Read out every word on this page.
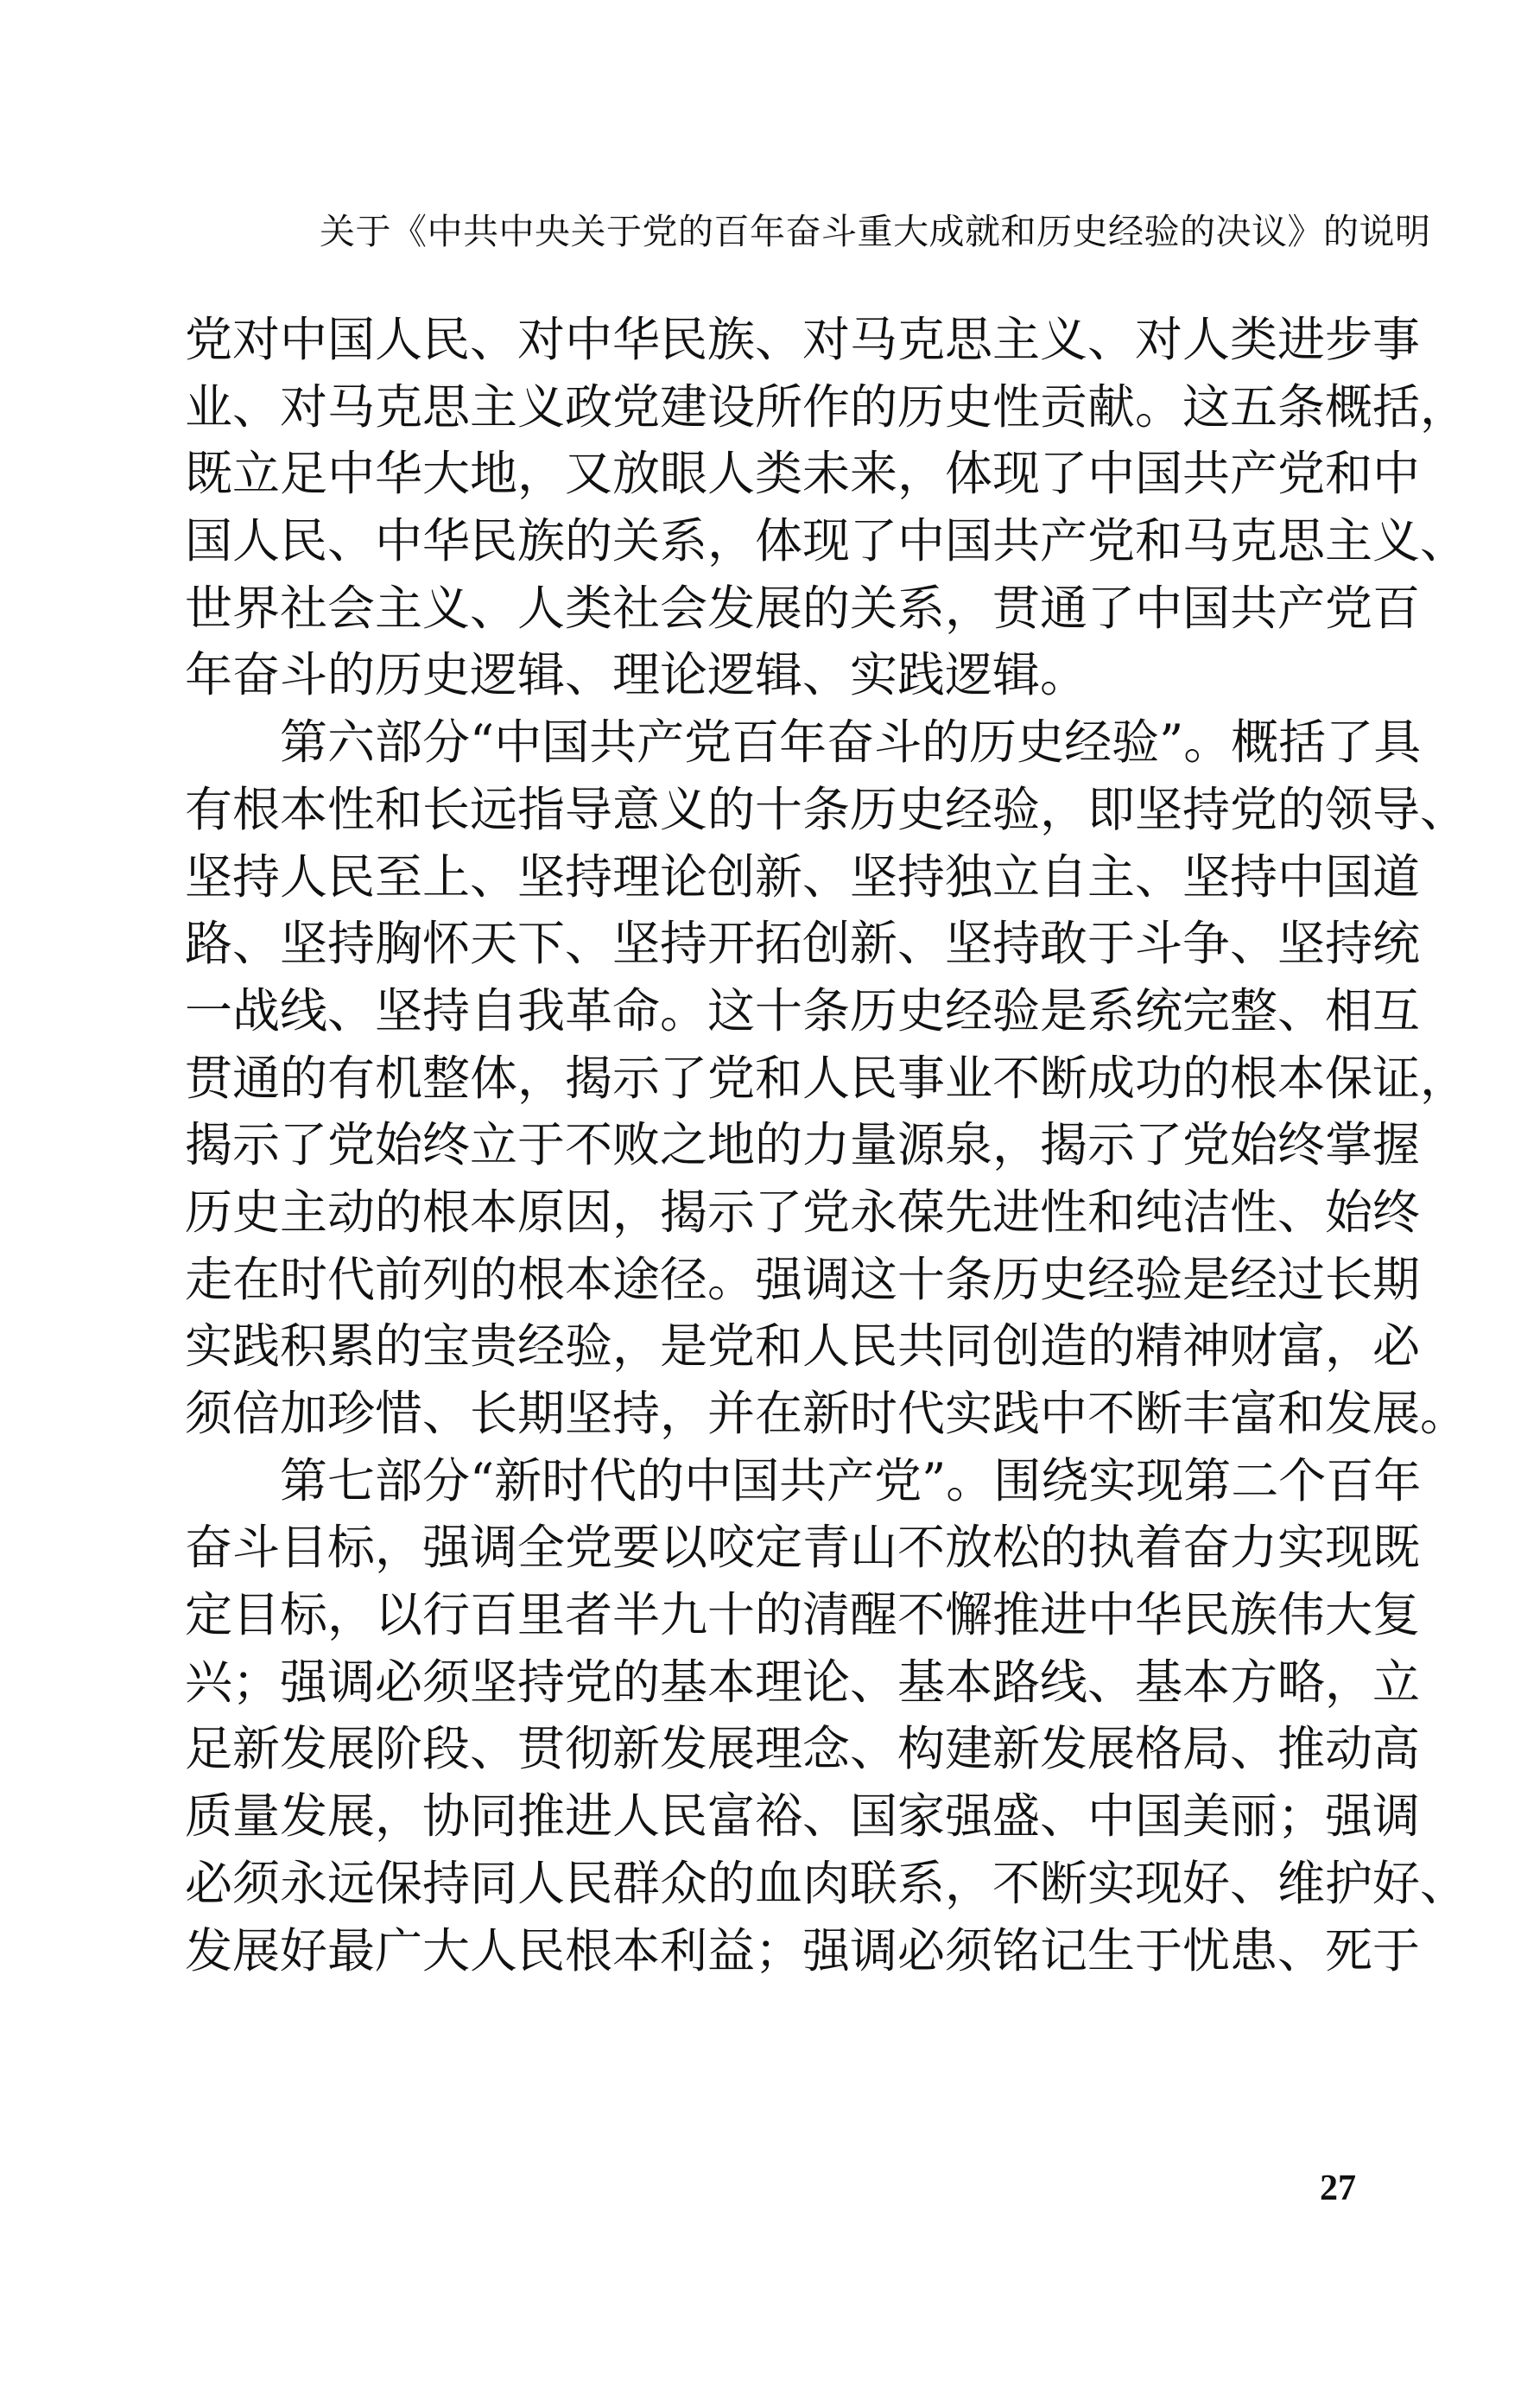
关于《中共中央关于党的百年奋斗重大成就和历史经验的决议》的说明
党对中国人民、对中华民族、对马克思主义、对人类进步事
业、对马克思主义政党建设所作的历史性贡献。这五条概括，
既立足中华大地，又放眼人类未来，体现了中国共产党和中
国人民、中华民族的关系，体现了中国共产党和马克思主义、
世界社会主义、人类社会发展的关系，贯通了中国共产党百
年奋斗的历史逻辑、理论逻辑、实践逻辑。
第六部分“中国共产党百年奋斗的历史经验”。概括了具
有根本性和长远指导意义的十条历史经验，即坚持党的领导、
坚持人民至上、坚持理论创新、坚持独立自主、坚持中国道
路、坚持胸怀天下、坚持开拓创新、坚持敢于斗争、坚持统
一战线、坚持自我革命。这十条历史经验是系统完整、相互
贯通的有机整体，揭示了党和人民事业不断成功的根本保证，
揭示了党始终立于不败之地的力量源泉，揭示了党始终掌握
历史主动的根本原因，揭示了党永葆先进性和纯洁性、始终
走在时代前列的根本途径。强调这十条历史经验是经过长期
实践积累的宝贵经验，是党和人民共同创造的精神财富，必
须倍加珍惜、长期坚持，并在新时代实践中不断丰富和发展。
第七部分“新时代的中国共产党”。围绕实现第二个百年
奋斗目标，强调全党要以咬定青山不放松的执着奋力实现既
定目标，以行百里者半九十的清醒不懈推进中华民族伟大复
兴；强调必须坚持党的基本理论、基本路线、基本方略，立
足新发展阶段、贯彻新发展理念、构建新发展格局、推动高
质量发展，协同推进人民富裕、国家强盛、中国美丽；强调
必须永远保持同人民群众的血肉联系，不断实现好、维护好、
发展好最广大人民根本利益；强调必须铭记生于忧患、死于
27
